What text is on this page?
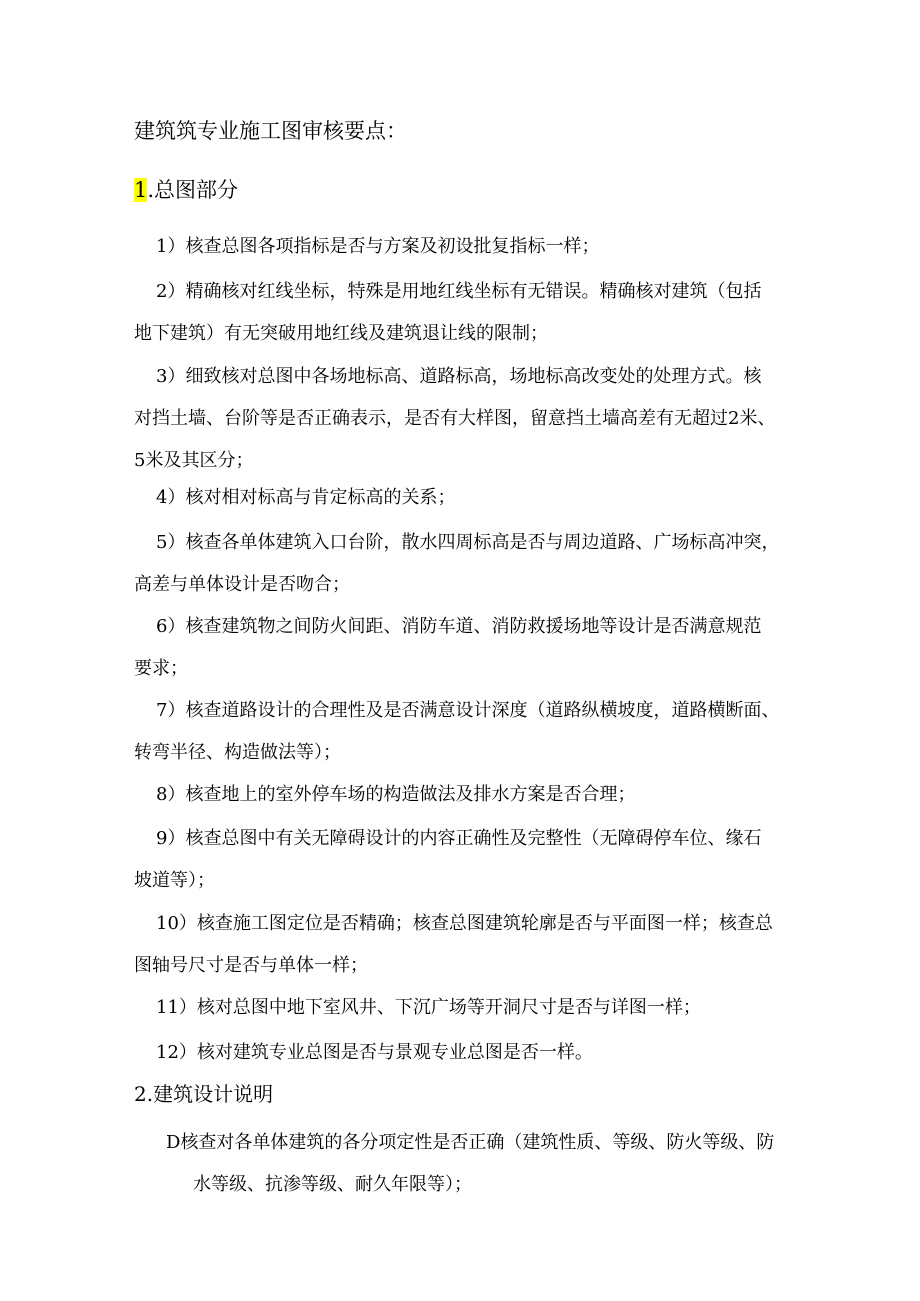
建筑筑专业施工图审核要点：
1.总图部分
1）核查总图各项指标是否与方案及初设批复指标一样；
2）精确核对红线坐标，特殊是用地红线坐标有无错误。精确核对建筑（包括
地下建筑）有无突破用地红线及建筑退让线的限制；
3）细致核对总图中各场地标高、道路标高，场地标高改变处的处理方式。核
对挡土墙、台阶等是否正确表示，是否有大样图，留意挡土墙高差有无超过2米、
5米及其区分；
4）核对相对标高与肯定标高的关系；
5）核查各单体建筑入口台阶，散水四周标高是否与周边道路、广场标高冲突，
高差与单体设计是否吻合；
6）核查建筑物之间防火间距、消防车道、消防救援场地等设计是否满意规范
要求；
7）核查道路设计的合理性及是否满意设计深度（道路纵横坡度，道路横断面、
转弯半径、构造做法等）；
8）核查地上的室外停车场的构造做法及排水方案是否合理；
9）核查总图中有关无障碍设计的内容正确性及完整性（无障碍停车位、缘石
坡道等）；
10）核查施工图定位是否精确；核查总图建筑轮廓是否与平面图一样；核查总
图轴号尺寸是否与单体一样；
11）核对总图中地下室风井、下沉广场等开洞尺寸是否与详图一样；
12）核对建筑专业总图是否与景观专业总图是否一样。
2.建筑设计说明
D核查对各单体建筑的各分项定性是否正确（建筑性质、等级、防火等级、防
水等级、抗渗等级、耐久年限等）；
